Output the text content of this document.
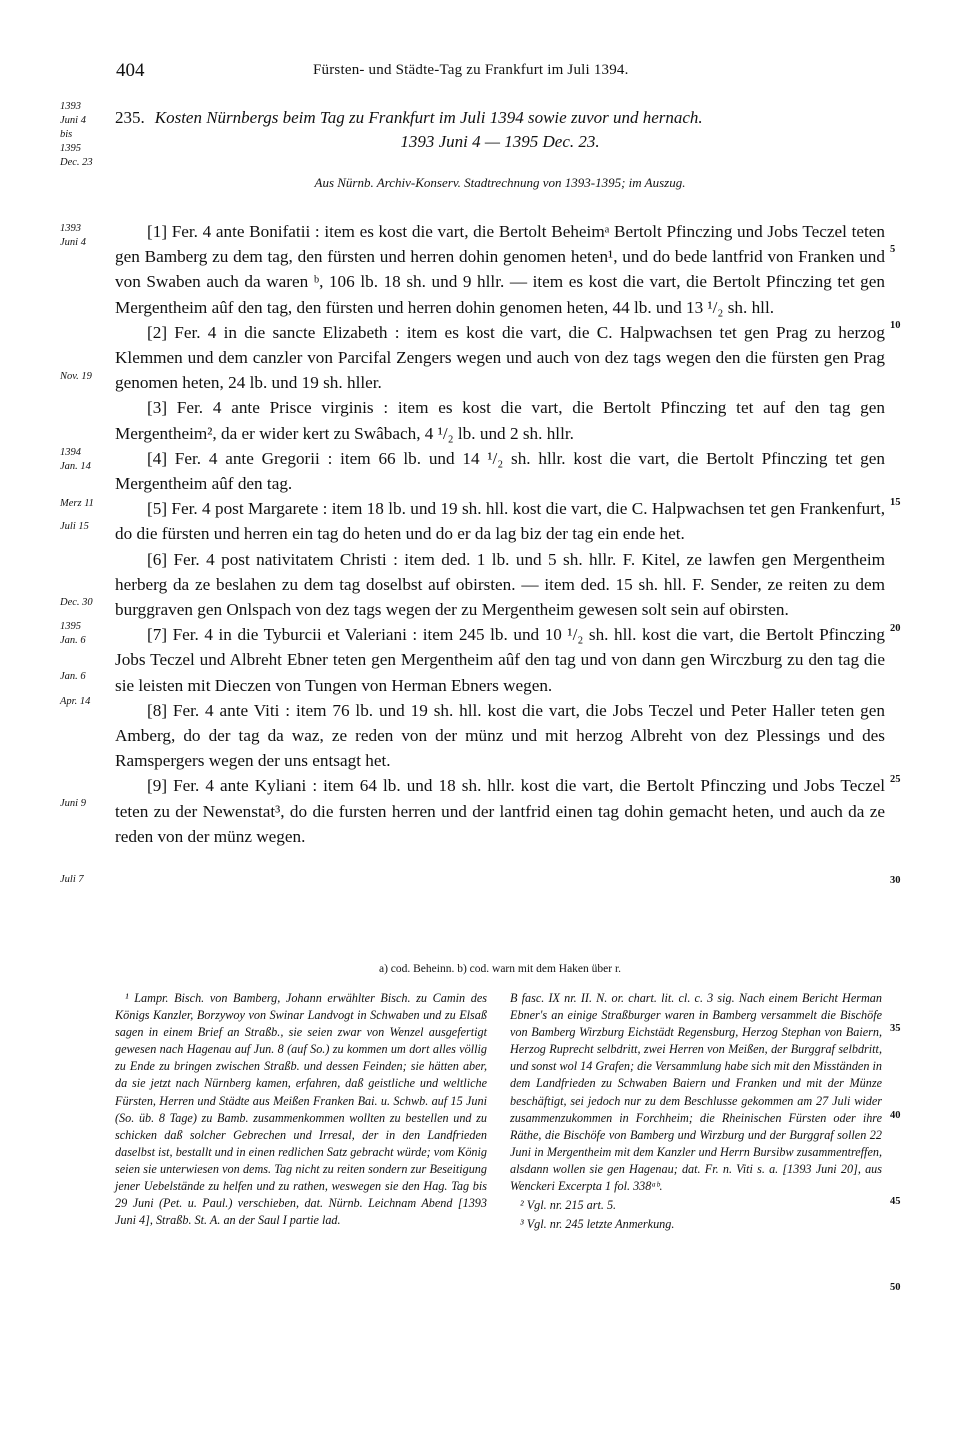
404	Fürsten- und Städte-Tag zu Frankfurt im Juli 1394.
1393
Juni 4
bis
1395
Dec. 23
1393
Juni 4
Nov. 19
1394
Jan. 14
Merz 11
Juli 15
Dec. 30
1395
Jan. 6
Jan. 6
Apr. 14
Juni 9
Juli 7
5
10
15
20
25
30
35
40
45
50
235. Kosten Nürnbergs beim Tag zu Frankfurt im Juli 1394 sowie zuvor und hernach.
1393 Juni 4 — 1395 Dec. 23.
Aus Nürnb. Archiv-Konserv. Stadtrechnung von 1393-1395; im Auszug.

[1] Fer. 4 ante Bonifatii : item es kost die vart, die Bertolt Beheimᵃ Bertolt Pfinczing und Jobs Teczel teten gen Bamberg zu dem tag, den fürsten und herren dohin genomen heten¹, und do bede lantfrid von Franken und von Swaben auch da waren ᵇ, 106 lb. 18 sh. und 9 hllr. — item es kost die vart, die Bertolt Pfinczing tet gen Mergentheim aûf den tag, den fürsten und herren dohin genomen heten, 44 lb. und 13 ¹/₂ sh. hll.

[2] Fer. 4 in die sancte Elizabeth : item es kost die vart, die C. Halpwachsen tet gen Prag zu herzog Klemmen und dem canzler von Parcifal Zengers wegen und auch von dez tags wegen den die fürsten gen Prag genomen heten, 24 lb. und 19 sh. hller.

[3] Fer. 4 ante Prisce virginis : item es kost die vart, die Bertolt Pfinczing tet auf den tag gen Mergentheim², da er wider kert zu Swâbach, 4 ¹/₂ lb. und 2 sh. hllr.

[4] Fer. 4 ante Gregorii : item 66 lb. und 14 ¹/₂ sh. hllr. kost die vart, die Bertolt Pfinczing tet gen Mergentheim aûf den tag.

[5] Fer. 4 post Margarete : item 18 lb. und 19 sh. hll. kost die vart, die C. Halpwachsen tet gen Frankenfurt, do die fürsten und herren ein tag do heten und do er da lag biz der tag ein ende het.

[6] Fer. 4 post nativitatem Christi : item ded. 1 lb. und 5 sh. hllr. F. Kitel, ze lawfen gen Mergentheim herberg da ze beslahen zu dem tag doselbst auf obirsten. — item ded. 15 sh. hll. F. Sender, ze reiten zu dem burggraven gen Onlspach von dez tags wegen der zu Mergentheim gewesen solt sein auf obirsten.

[7] Fer. 4 in die Tyburcii et Valeriani : item 245 lb. und 10 ¹/₂ sh. hll. kost die vart, die Bertolt Pfinczing Jobs Teczel und Albreht Ebner teten gen Mergentheim aûf den tag und von dann gen Wirczburg zu den tag die sie leisten mit Dieczen von Tungen von Herman Ebners wegen.

[8] Fer. 4 ante Viti : item 76 lb. und 19 sh. hll. kost die vart, die Jobs Teczel und Peter Haller teten gen Amberg, do der tag da waz, ze reden von der münz und mit herzog Albreht von dez Plessings und des Ramspergers wegen der uns entsagt het.

[9] Fer. 4 ante Kyliani : item 64 lb. und 18 sh. hllr. kost die vart, die Bertolt Pfinczing und Jobs Teczel teten zu der Newenstat³, do die fursten herren und der lantfrid einen tag dohin gemacht heten, und auch da ze reden von der münz wegen.

a) cod. Beheinn. b) cod. warn mit dem Haken über r.

¹ Lampr. Bisch. von Bamberg, Johann erwählter Bisch. zu Camin des Königs Kanzler, Borzywoy von Swinar Landvogt in Schwaben und zu Elsaß sagen in einem Brief an Straßb., sie seien zwar von Wenzel ausgefertigt gewesen nach Hagenau auf Jun. 8 (auf So.) zu kommen um dort alles völlig zu Ende zu bringen zwischen Straßb. und dessen Feinden; sie hätten aber, da sie jetzt nach Nürnberg kamen, erfahren, daß geistliche und weltliche Fürsten, Herren und Städte aus Meißen Franken Bai. u. Schwb. auf 15 Juni (So. üb. 8 Tage) zu Bamb. zusammenkommen wollten zu bestellen und zu schicken daß solcher Gebrechen und Irresal, der in den Landfrieden daselbst ist, bestallt und in einen redlichen Satz gebracht würde; vom König seien sie unterwiesen von dems. Tag nicht zu reiten sondern zur Beseitigung jener Uebelstände zu helfen und zu rathen, weswegen sie den Hag. Tag bis 29 Juni (Pet. u. Paul.) verschieben, dat. Nürnb. Leichnam Abend [1393 Juni 4], Straßb. St. A. an der Saul I partie lad.

B fasc. IX nr. II. N. or. chart. lit. cl. c. 3 sig. Nach einem Bericht Herman Ebner's an einige Straßburger waren in Bamberg versammelt die Bischöfe von Bamberg Wirzburg Eichstädt Regensburg, Herzog Stephan von Baiern, Herzog Ruprecht selbdritt, zwei Herren von Meißen, der Burggraf selbdritt, und sonst wol 14 Grafen; die Versammlung habe sich mit den Misständen in dem Landfrieden zu Schwaben Baiern und Franken und mit der Münze beschäftigt, sei jedoch nur zu dem Beschlusse gekommen am 27 Juli wider zusammenzukommen in Forchheim; die Rheinischen Fürsten oder ihre Räthe, die Bischöfe von Bamberg und Wirzburg und der Burggraf sollen 22 Juni in Mergentheim mit dem Kanzler und Herrn Bursibw zusammentreffen, alsdann wollen sie gen Hagenau; dat. Fr. n. Viti s. a. [1393 Juni 20], aus Wenckeri Excerpta 1 fol. 338ᵃᵇ.

² Vgl. nr. 215 art. 5.

³ Vgl. nr. 245 letzte Anmerkung.
